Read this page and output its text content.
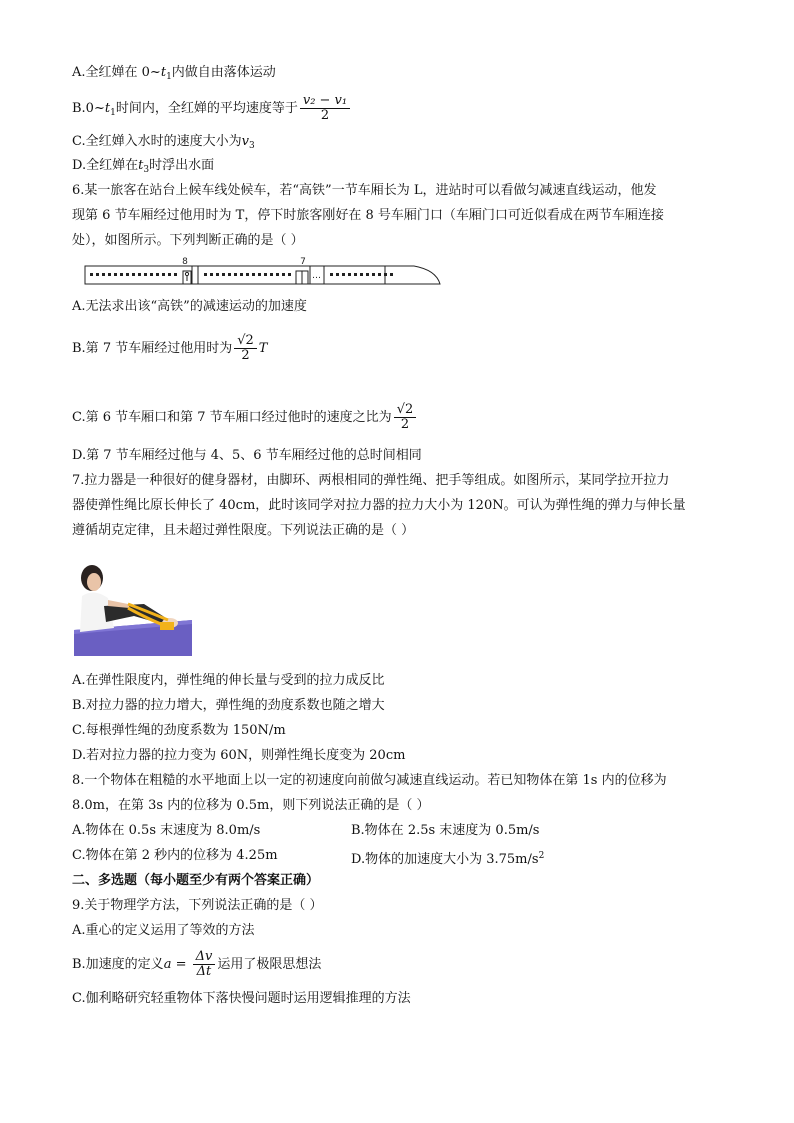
A.全红婵在 $0\sim t_1$内做自由落体运动
$B.0\sim t_1$时间内，全红婵的平均速度等于 $\frac{\text{v₂ − v₁}}{2}$
C.全红婵入水时的速度大小为$v_3$
D.全红婵在$t_3$时浮出水面
6.某一旅客在站台上候车线处候车，若“高铁”一节车厢长为 L，进站时可以看做匀减速直线运动，他发
现第 6 节车厢经过他用时为 T，停下时旅客刚好在 8 号车厢门口（车厢门口可近似看成在两节车厢连接
处），如图所示。下列判断正确的是（ ）
…
8	7
A.无法求出该“高铁”的减速运动的加速度
B.第 7 节车厢经过他用时为 $\frac{√2}{2}$ T
C.第 6 节车厢口和第 7 节车厢口经过他时的速度之比为 $\frac{√2}{2}$
D.第 7 节车厢经过他与 4、5、6 节车厢经过他的总时间相同
7.拉力器是一种很好的健身器材，由脚环、两根相同的弹性绳、把手等组成。如图所示，某同学拉开拉力
器使弹性绳比原长伸长了 40cm，此时该同学对拉力器的拉力大小为 120N。可认为弹性绳的弹力与伸长量
遵循胡克定律，且未超过弹性限度。下列说法正确的是（ ）
A.在弹性限度内，弹性绳的伸长量与受到的拉力成反比
B.对拉力器的拉力增大，弹性绳的劲度系数也随之增大
C.每根弹性绳的劲度系数为 150N/m
D.若对拉力器的拉力变为 60N，则弹性绳长度变为 20cm
8.一个物体在粗糙的水平地面上以一定的初速度向前做匀减速直线运动。若已知物体在第 1s 内的位移为
8.0m，在第 3s 内的位移为 0.5m，则下列说法正确的是（ ）
A.物体在 0.5s 末速度为 8.0m/s	B.物体在 2.5s 末速度为 0.5m/s
C.物体在第 2 秒内的位移为 4.25m	D.物体的加速度大小为 $3.75m/s^2$
二、多选题（每小题至少有两个答案正确）
9.关于物理学方法，下列说法正确的是（ ）
A.重心的定义运用了等效的方法
B.加速度的定义$a = \frac{\Delta v}{\Delta t}$ 运用了极限思想法
C.伽利略研究轻重物体下落快慢问题时运用逻辑推理的方法
